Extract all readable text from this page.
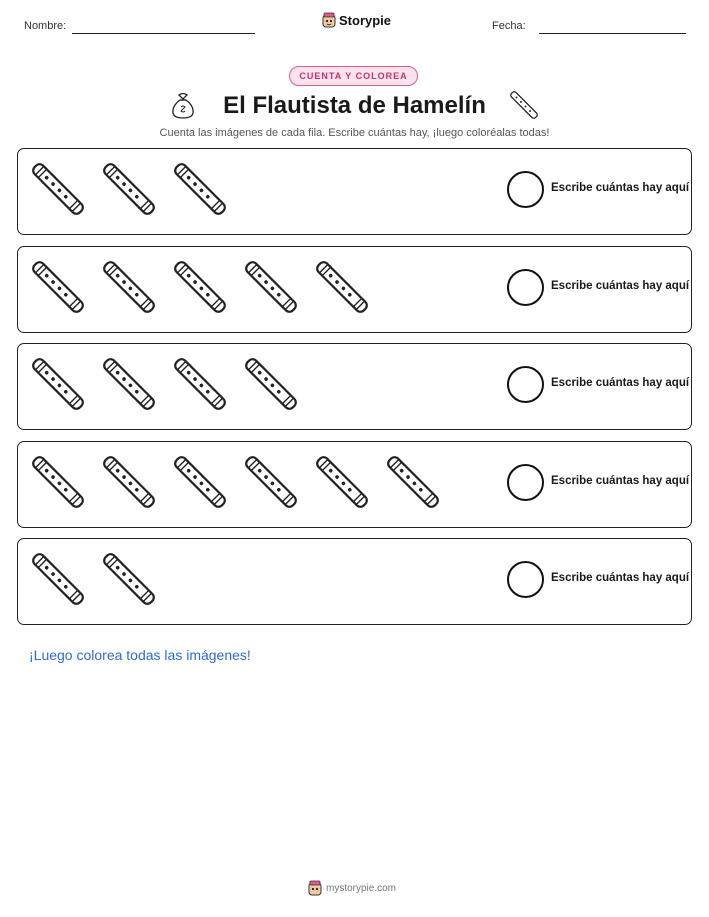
Nombre:	Storypie	Fecha:
CUENTA Y COLOREA
El Flautista de Hamelín
Cuenta las imágenes de cada fila. Escribe cuántas hay, ¡luego coloréalas todas!
Escribe cuántas hay aquí
Escribe cuántas hay aquí
Escribe cuántas hay aquí
Escribe cuántas hay aquí
Escribe cuántas hay aquí
¡Luego colorea todas las imágenes!
mystorypie.com
